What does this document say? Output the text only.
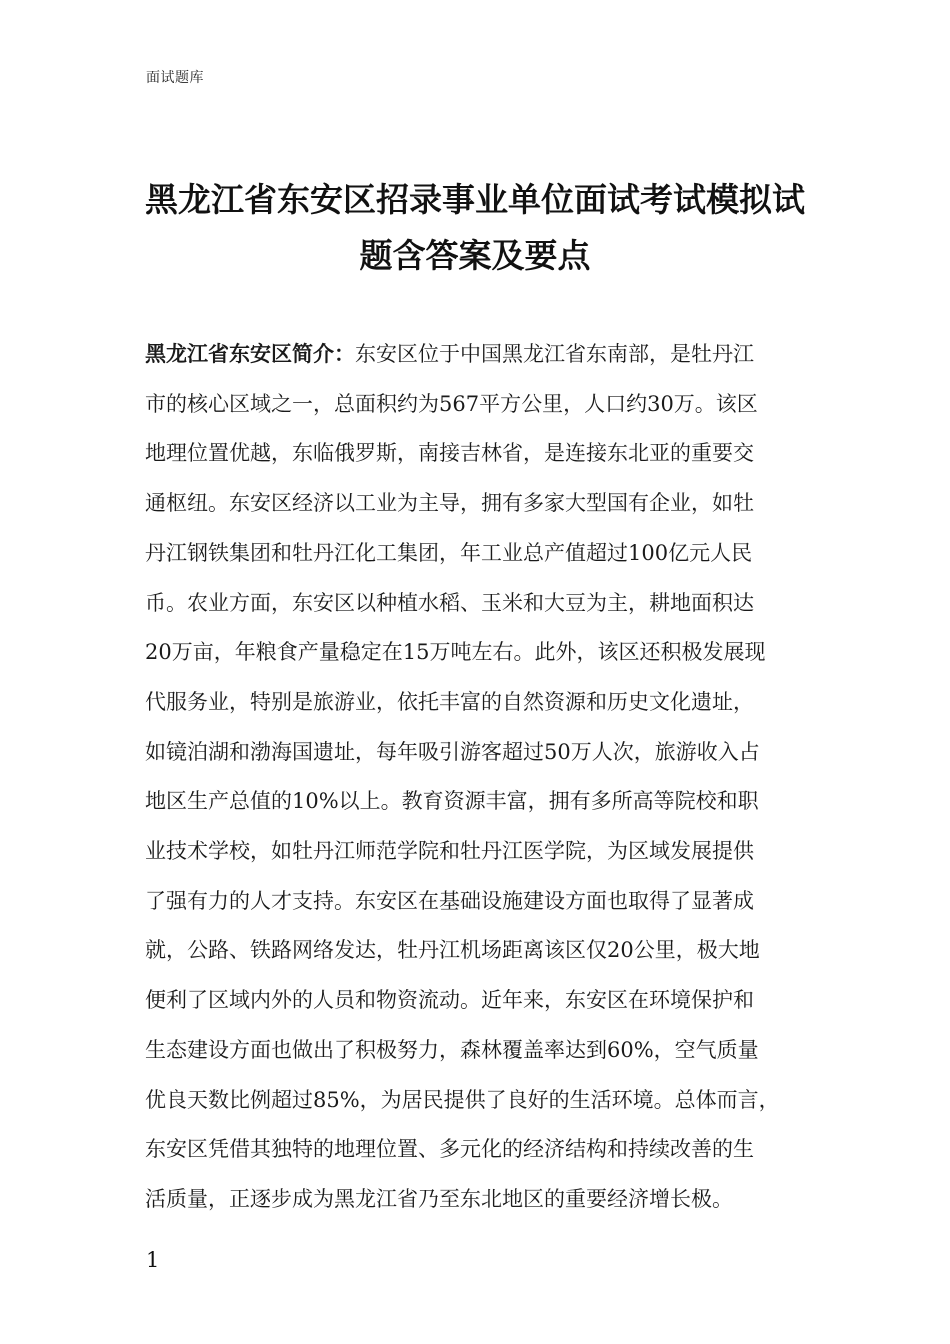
面试题库
黑龙江省东安区招录事业单位面试考试模拟试
题含答案及要点
黑龙江省东安区简介：东安区位于中国黑龙江省东南部，是牡丹江
市的核心区域之一，总面积约为567平方公里，人口约30万。该区
地理位置优越，东临俄罗斯，南接吉林省，是连接东北亚的重要交
通枢纽。东安区经济以工业为主导，拥有多家大型国有企业，如牡
丹江钢铁集团和牡丹江化工集团，年工业总产值超过100亿元人民
币。农业方面，东安区以种植水稻、玉米和大豆为主，耕地面积达
20万亩，年粮食产量稳定在15万吨左右。此外，该区还积极发展现
代服务业，特别是旅游业，依托丰富的自然资源和历史文化遗址，
如镜泊湖和渤海国遗址，每年吸引游客超过50万人次，旅游收入占
地区生产总值的10%以上。教育资源丰富，拥有多所高等院校和职
业技术学校，如牡丹江师范学院和牡丹江医学院，为区域发展提供
了强有力的人才支持。东安区在基础设施建设方面也取得了显著成
就，公路、铁路网络发达，牡丹江机场距离该区仅20公里，极大地
便利了区域内外的人员和物资流动。近年来，东安区在环境保护和
生态建设方面也做出了积极努力，森林覆盖率达到60%，空气质量
优良天数比例超过85%，为居民提供了良好的生活环境。总体而言，
东安区凭借其独特的地理位置、多元化的经济结构和持续改善的生
活质量，正逐步成为黑龙江省乃至东北地区的重要经济增长极。
1
